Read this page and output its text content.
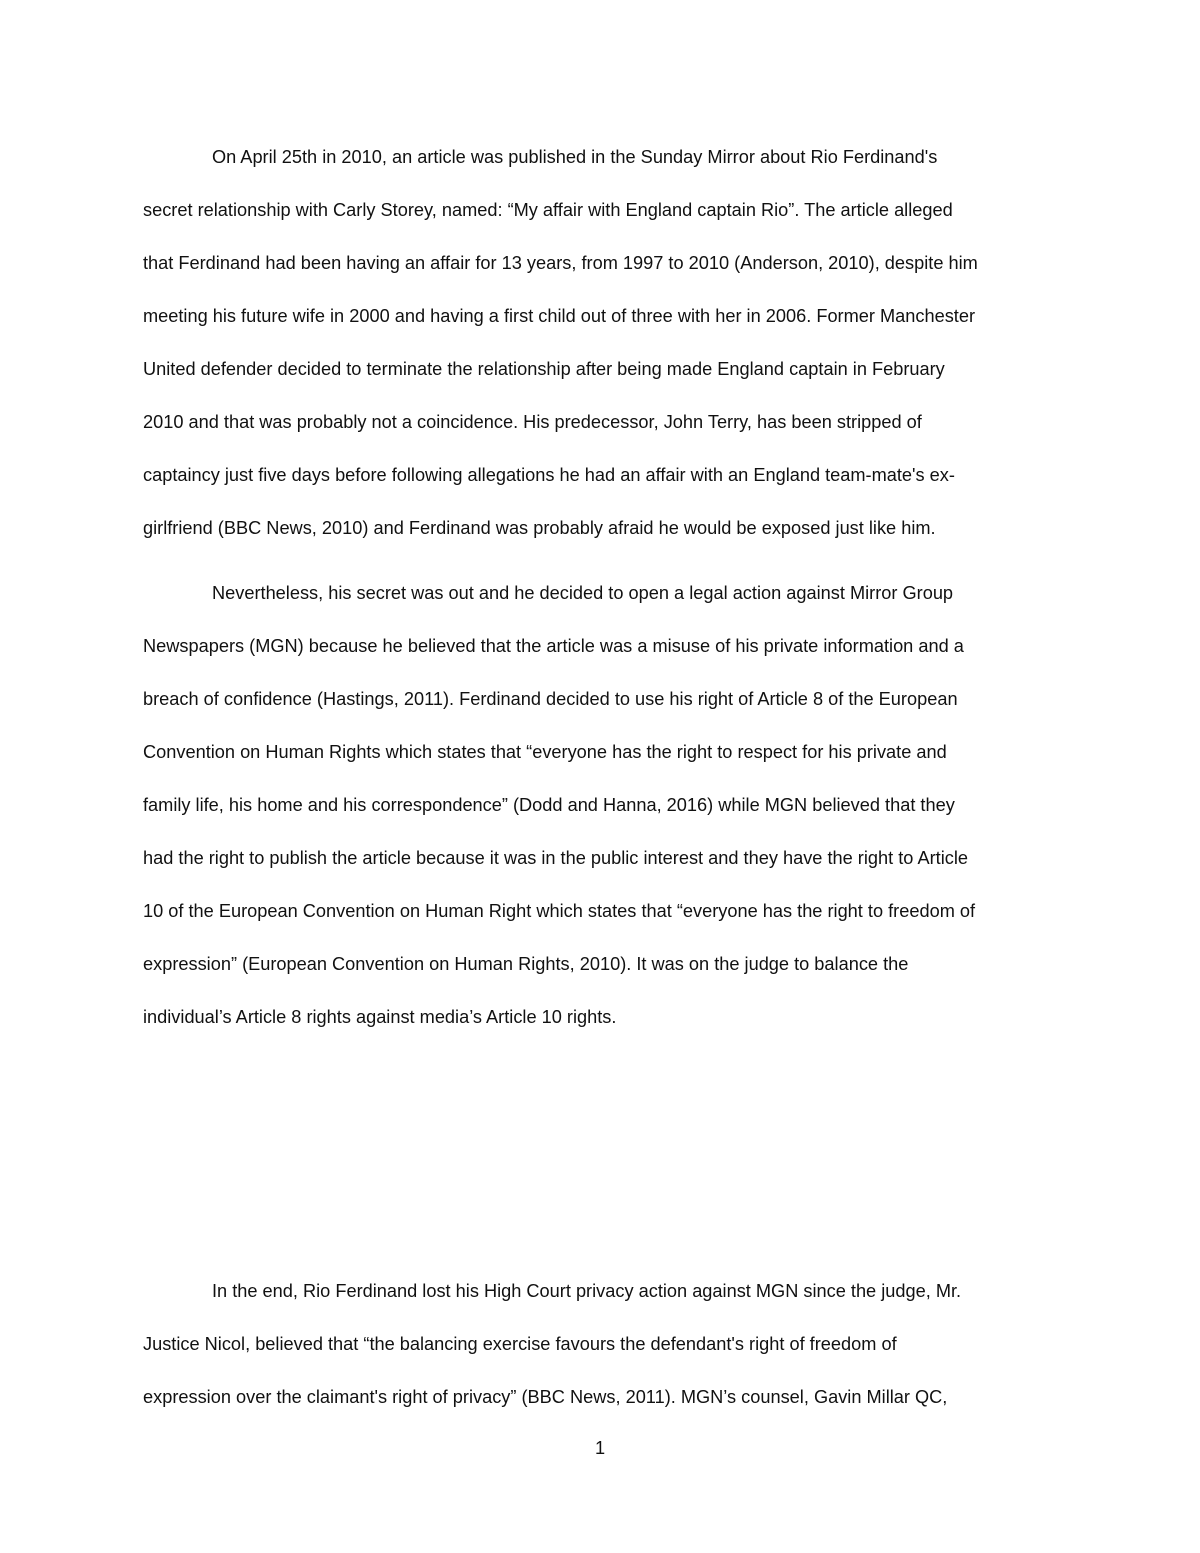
On April 25th in 2010, an article was published in the Sunday Mirror about Rio Ferdinand's
secret relationship with Carly Storey, named: “My affair with England captain Rio”. The article alleged
that Ferdinand had been having an affair for 13 years, from 1997 to 2010 (Anderson, 2010), despite him
meeting his future wife in 2000 and having a first child out of three with her in 2006. Former Manchester
United defender decided to terminate the relationship after being made England captain in February
2010 and that was probably not a coincidence. His predecessor, John Terry, has been stripped of
captaincy just five days before following allegations he had an affair with an England team-mate's ex-
girlfriend (BBC News, 2010) and Ferdinand was probably afraid he would be exposed just like him.
Nevertheless, his secret was out and he decided to open a legal action against Mirror Group
Newspapers (MGN) because he believed that the article was a misuse of his private information and a
breach of confidence (Hastings, 2011). Ferdinand decided to use his right of Article 8 of the European
Convention on Human Rights which states that “everyone has the right to respect for his private and
family life, his home and his correspondence” (Dodd and Hanna, 2016) while MGN believed that they
had the right to publish the article because it was in the public interest and they have the right to Article
10 of the European Convention on Human Right which states that “everyone has the right to freedom of
expression” (European Convention on Human Rights, 2010). It was on the judge to balance the
individual’s Article 8 rights against media’s Article 10 rights.
In the end, Rio Ferdinand lost his High Court privacy action against MGN since the judge, Mr.
Justice Nicol, believed that “the balancing exercise favours the defendant's right of freedom of
expression over the claimant's right of privacy” (BBC News, 2011). MGN’s counsel, Gavin Millar QC,
1
